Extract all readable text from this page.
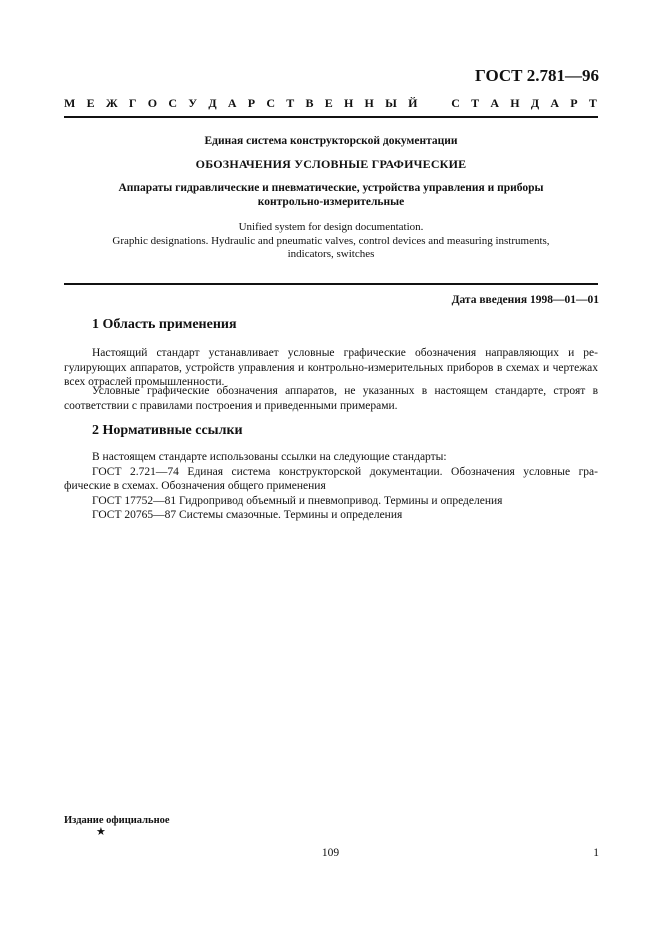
ГОСТ 2.781—96
М Е Ж Г О С У Д А Р С Т В Е Н Н Ы Й	С Т А Н Д А Р Т
Единая система конструкторской документации
ОБОЗНАЧЕНИЯ УСЛОВНЫЕ ГРАФИЧЕСКИЕ
Аппараты гидравлические и пневматические, устройства управления и приборы
контрольно-измерительные
Unified system for design documentation.
Graphic designations. Hydraulic and pneumatic valves, control devices and measuring instruments,
indicators, switches
Дата введения 1998—01—01
1 Область применения
Настоящий стандарт устанавливает условные графические обозначения направляющих и ре-гулирующих аппаратов, устройств управления и контрольно-измерительных приборов в схемах и чертежах всех отраслей промышленности.
Условные графические обозначения аппаратов, не указанных в настоящем стандарте, строят в соответствии с правилами построения и приведенными примерами.
2 Нормативные ссылки
В настоящем стандарте использованы ссылки на следующие стандарты:
ГОСТ 2.721—74 Единая система конструкторской документации. Обозначения условные гра-фические в схемах. Обозначения общего применения
ГОСТ 17752—81 Гидропривод объемный и пневмопривод. Термины и определения
ГОСТ 20765—87 Системы смазочные. Термины и определения
Издание официальное
★
109	1
